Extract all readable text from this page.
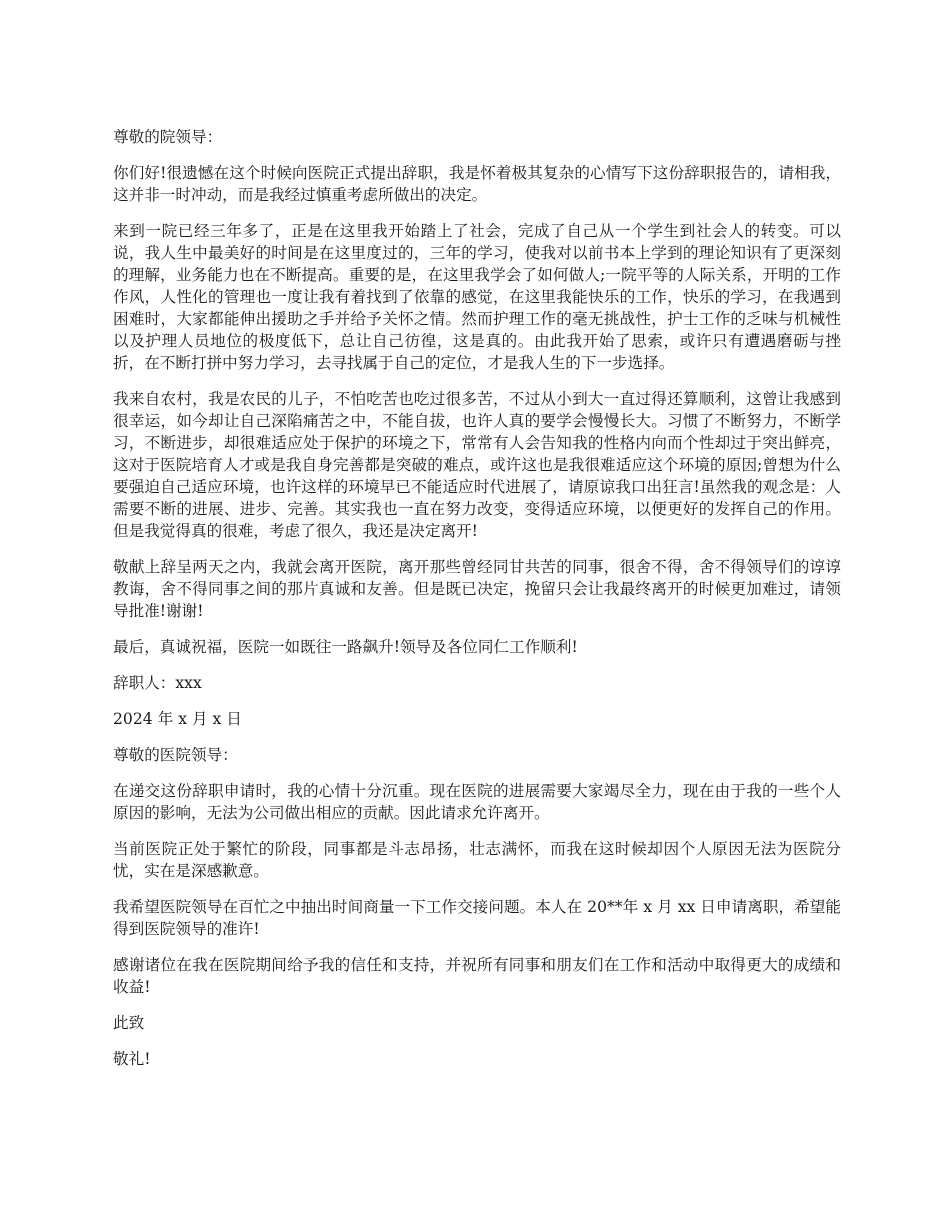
尊敬的院领导：

你们好!很遗憾在这个时候向医院正式提出辞职，我是怀着极其复杂的心情写下这份辞职报告的，请相我，这并非一时冲动，而是我经过慎重考虑所做出的决定。

来到一院已经三年多了，正是在这里我开始踏上了社会，完成了自己从一个学生到社会人的转变。可以说，我人生中最美好的时间是在这里度过的，三年的学习，使我对以前书本上学到的理论知识有了更深刻的理解，业务能力也在不断提高。重要的是，在这里我学会了如何做人;一院平等的人际关系，开明的工作作风，人性化的管理也一度让我有着找到了依靠的感觉，在这里我能快乐的工作，快乐的学习，在我遇到困难时，大家都能伸出援助之手并给予关怀之情。然而护理工作的毫无挑战性，护士工作的乏味与机械性以及护理人员地位的极度低下，总让自己彷徨，这是真的。由此我开始了思索，或许只有遭遇磨砺与挫折，在不断打拼中努力学习，去寻找属于自己的定位，才是我人生的下一步选择。

我来自农村，我是农民的儿子，不怕吃苦也吃过很多苦，不过从小到大一直过得还算顺利，这曾让我感到很幸运，如今却让自己深陷痛苦之中，不能自拔，也许人真的要学会慢慢长大。习惯了不断努力，不断学习，不断进步，却很难适应处于保护的环境之下，常常有人会告知我的性格内向而个性却过于突出鲜亮，这对于医院培育人才或是我自身完善都是突破的难点，或许这也是我很难适应这个环境的原因;曾想为什么要强迫自己适应环境，也许这样的环境早已不能适应时代进展了，请原谅我口出狂言!虽然我的观念是：人需要不断的进展、进步、完善。其实我也一直在努力改变，变得适应环境，以便更好的发挥自己的作用。但是我觉得真的很难，考虑了很久，我还是决定离开!

敬献上辞呈两天之内，我就会离开医院，离开那些曾经同甘共苦的同事，很舍不得，舍不得领导们的谆谆教诲，舍不得同事之间的那片真诚和友善。但是既已决定，挽留只会让我最终离开的时候更加难过，请领导批准!谢谢!

最后，真诚祝福，医院一如既往一路飙升!领导及各位同仁工作顺利!

辞职人：xxx

2024 年 x 月 x 日

尊敬的医院领导：

在递交这份辞职申请时，我的心情十分沉重。现在医院的进展需要大家竭尽全力，现在由于我的一些个人原因的影响，无法为公司做出相应的贡献。因此请求允许离开。

当前医院正处于繁忙的阶段，同事都是斗志昂扬，壮志满怀，而我在这时候却因个人原因无法为医院分忧，实在是深感歉意。

我希望医院领导在百忙之中抽出时间商量一下工作交接问题。本人在 20**年 x 月 xx 日申请离职，希望能得到医院领导的准许!

感谢诸位在我在医院期间给予我的信任和支持，并祝所有同事和朋友们在工作和活动中取得更大的成绩和收益!

此致

敬礼!
